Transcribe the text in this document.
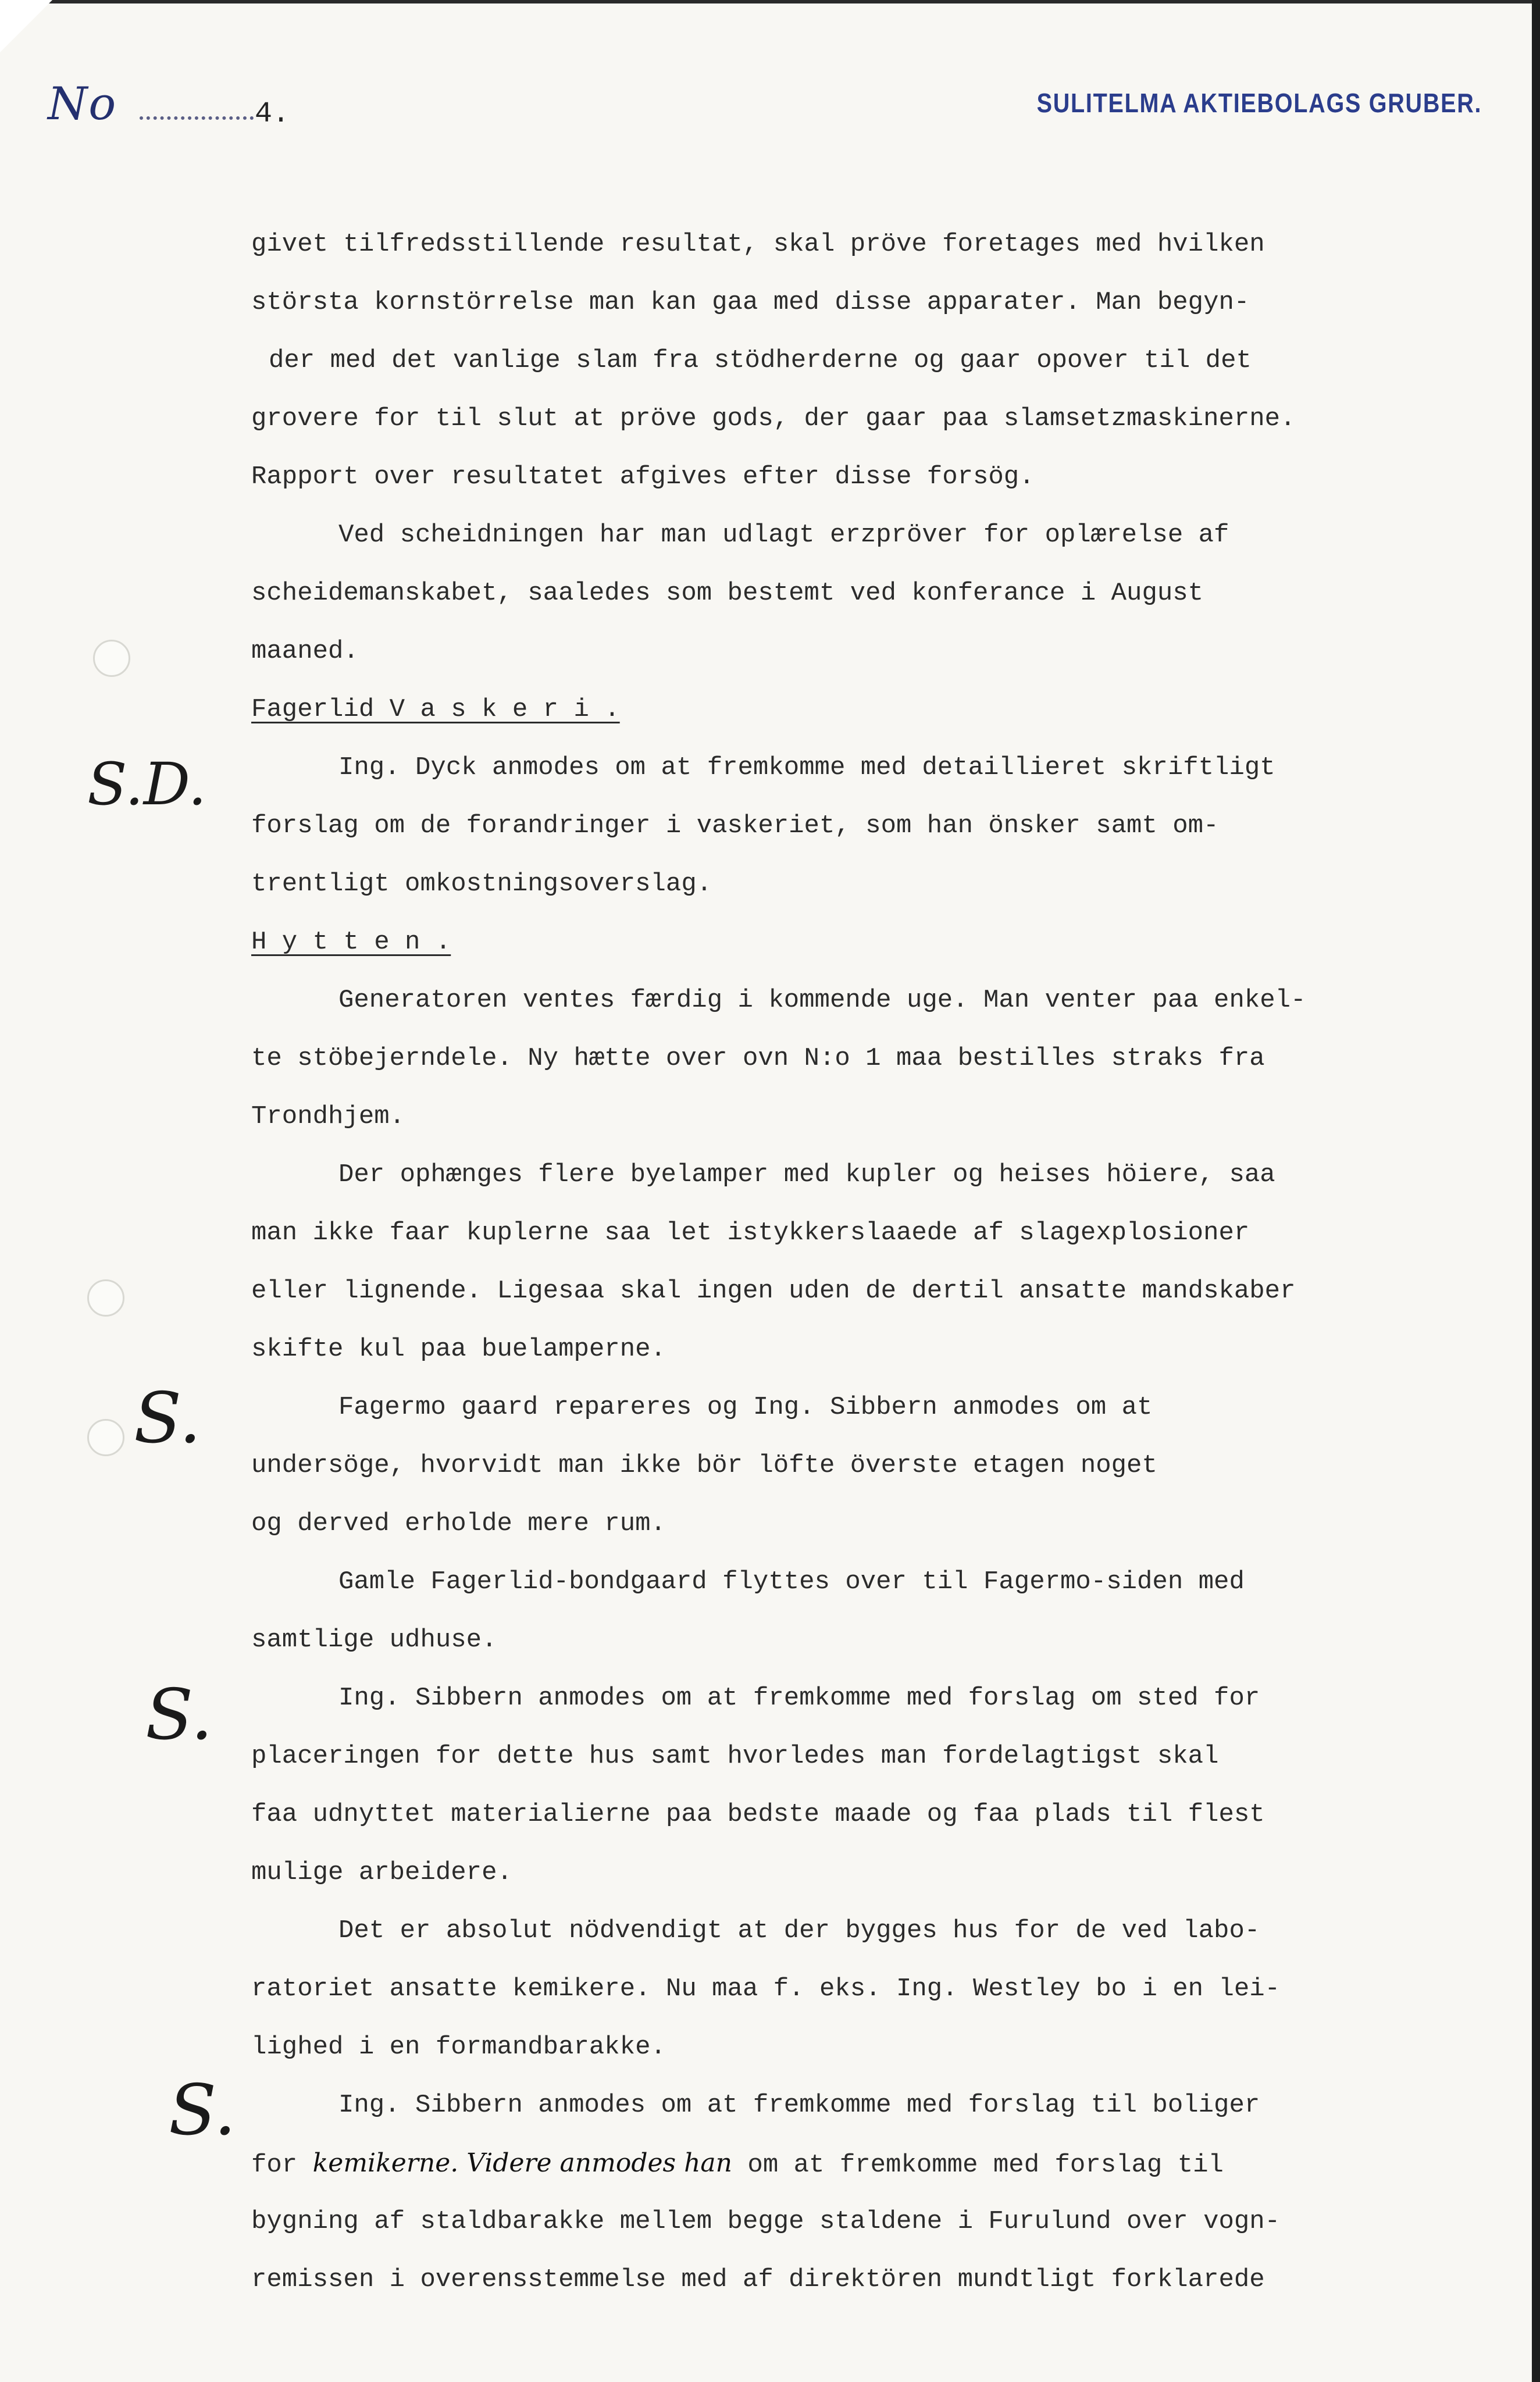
No	4.	SULITELMA AKTIEBOLAGS GRUBER.
S.D.
S.
S.
S.
givet tilfredsstillende resultat, skal pröve foretages med hvilken
största kornstörrelse man kan gaa med disse apparater. Man begyn-
der med det vanlige slam fra stödherderne og gaar opover til det
grovere for til slut at pröve gods, der gaar paa slamsetzmaskinerne.
Rapport over resultatet afgives efter disse forsög.
Ved scheidningen har man udlagt erzpröver for oplærelse af
scheidemanskabet, saaledes som bestemt ved konferance i August
maaned.
Fagerlid V a s k e r i .
Ing. Dyck anmodes om at fremkomme med detaillieret skriftligt
forslag om de forandringer i vaskeriet, som han önsker samt om-
trentligt omkostningsoverslag.
H y t t e n .
Generatoren ventes færdig i kommende uge. Man venter paa enkel-
te stöbejerndele. Ny hætte over ovn N:o 1 maa bestilles straks fra
Trondhjem.
Der ophænges flere byelamper med kupler og heises höiere, saa
man ikke faar kuplerne saa let istykkerslaaede af slagexplosioner
eller lignende. Ligesaa skal ingen uden de dertil ansatte mandskaber
skifte kul paa buelamperne.
Fagermo gaard repareres og Ing. Sibbern anmodes om at
undersöge, hvorvidt man ikke bör löfte överste etagen noget
og derved erholde mere rum.
Gamle Fagerlid-bondgaard flyttes over til Fagermo-siden med
samtlige udhuse.
Ing. Sibbern anmodes om at fremkomme med forslag om sted for
placeringen for dette hus samt hvorledes man fordelagtigst skal
faa udnyttet materialierne paa bedste maade og faa plads til flest
mulige arbeidere.
Det er absolut nödvendigt at der bygges hus for de ved labo-
ratoriet ansatte kemikere. Nu maa f. eks. Ing. Westley bo i en lei-
lighed i en formandbarakke.
Ing. Sibbern anmodes om at fremkomme med forslag til boliger
for kemikerne. Videre anmodes han om at fremkomme med forslag til
bygning af staldbarakke mellem begge staldene i Furulund over vogn-
remissen i overensstemmelse med af direktören mundtligt forklarede
